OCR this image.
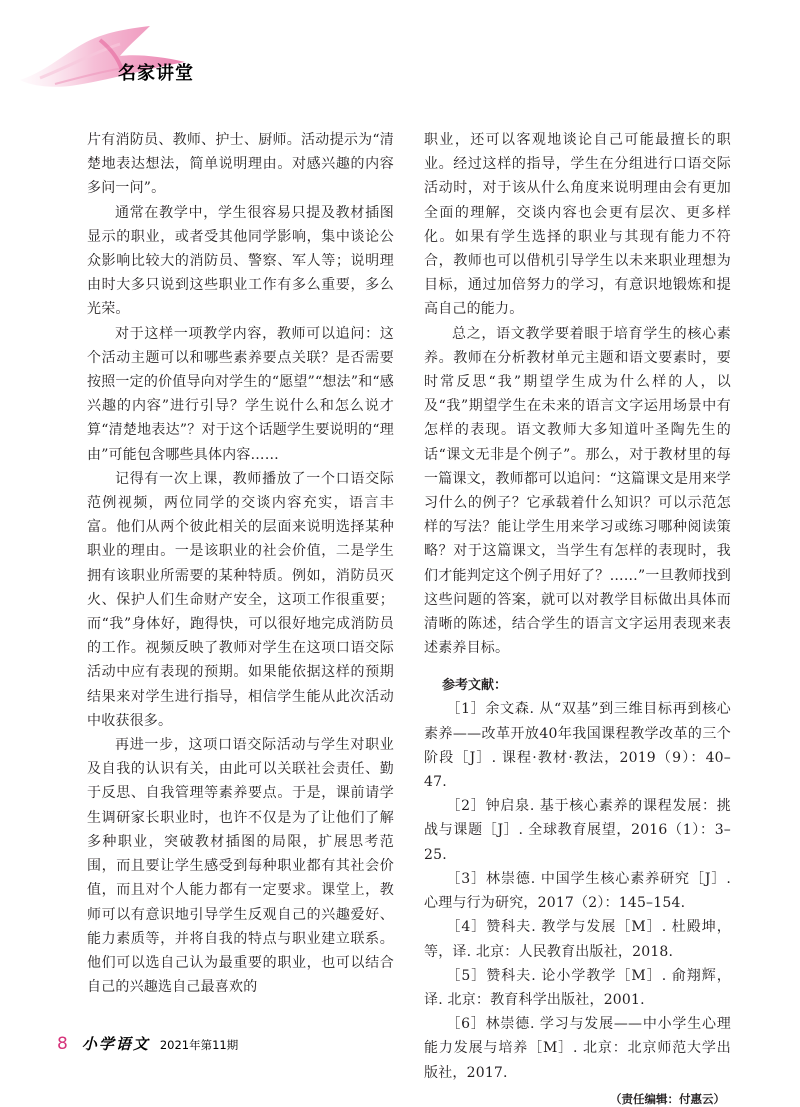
名家讲堂

片有消防员、教师、护士、厨师。活动提示为“清楚地表达想法，简单说明理由。对感兴趣的内容多问一问”。

通常在教学中，学生很容易只提及教材插图显示的职业，或者受其他同学影响，集中谈论公众影响比较大的消防员、警察、军人等；说明理由时大多只说到这些职业工作有多么重要，多么光荣。

对于这样一项教学内容，教师可以追问：这个活动主题可以和哪些素养要点关联？是否需要按照一定的价值导向对学生的“愿望”“想法”和“感兴趣的内容”进行引导？学生说什么和怎么说才算“清楚地表达”？对于这个话题学生要说明的“理由”可能包含哪些具体内容……

记得有一次上课，教师播放了一个口语交际范例视频，两位同学的交谈内容充实，语言丰富。他们从两个彼此相关的层面来说明选择某种职业的理由。一是该职业的社会价值，二是学生拥有该职业所需要的某种特质。例如，消防员灭火、保护人们生命财产安全，这项工作很重要；而“我”身体好，跑得快，可以很好地完成消防员的工作。视频反映了教师对学生在这项口语交际活动中应有表现的预期。如果能依据这样的预期结果来对学生进行指导，相信学生能从此次活动中收获很多。

再进一步，这项口语交际活动与学生对职业及自我的认识有关，由此可以关联社会责任、勤于反思、自我管理等素养要点。于是，课前请学生调研家长职业时，也许不仅是为了让他们了解多种职业，突破教材插图的局限，扩展思考范围，而且要让学生感受到每种职业都有其社会价值，而且对个人能力都有一定要求。课堂上，教师可以有意识地引导学生反观自己的兴趣爱好、能力素质等，并将自我的特点与职业建立联系。他们可以选自己认为最重要的职业，也可以结合自己的兴趣选自己最喜欢的

职业，还可以客观地谈论自己可能最擅长的职业。经过这样的指导，学生在分组进行口语交际活动时，对于该从什么角度来说明理由会有更加全面的理解，交谈内容也会更有层次、更多样化。如果有学生选择的职业与其现有能力不符合，教师也可以借机引导学生以未来职业理想为目标，通过加倍努力的学习，有意识地锻炼和提高自己的能力。

总之，语文教学要着眼于培育学生的核心素养。教师在分析教材单元主题和语文要素时，要时常反思“我”期望学生成为什么样的人，以及“我”期望学生在未来的语言文字运用场景中有怎样的表现。语文教师大多知道叶圣陶先生的话“课文无非是个例子”。那么，对于教材里的每一篇课文，教师都可以追问：“这篇课文是用来学习什么的例子？它承载着什么知识？可以示范怎样的写法？能让学生用来学习或练习哪种阅读策略？对于这篇课文，当学生有怎样的表现时，我们才能判定这个例子用好了？……”一旦教师找到这些问题的答案，就可以对教学目标做出具体而清晰的陈述，结合学生的语言文字运用表现来表述素养目标。

参考文献：

［1］余文森. 从“双基”到三维目标再到核心素养——改革开放40年我国课程教学改革的三个阶段［J］. 课程·教材·教法，2019（9）：40–47.

［2］钟启泉. 基于核心素养的课程发展：挑战与课题［J］. 全球教育展望，2016（1）：3–25.

［3］林崇德. 中国学生核心素养研究［J］. 心理与行为研究，2017（2）：145–154.

［4］赞科夫. 教学与发展［M］. 杜殿坤，等，译. 北京：人民教育出版社，2018.

［5］赞科夫. 论小学教学［M］. 俞翔辉，译. 北京：教育科学出版社，2001.

［6］林崇德. 学习与发展——中小学生心理能力发展与培养［M］. 北京：北京师范大学出版社，2017.

（责任编辑：付惠云）
8 小学语文 2021年第11期
